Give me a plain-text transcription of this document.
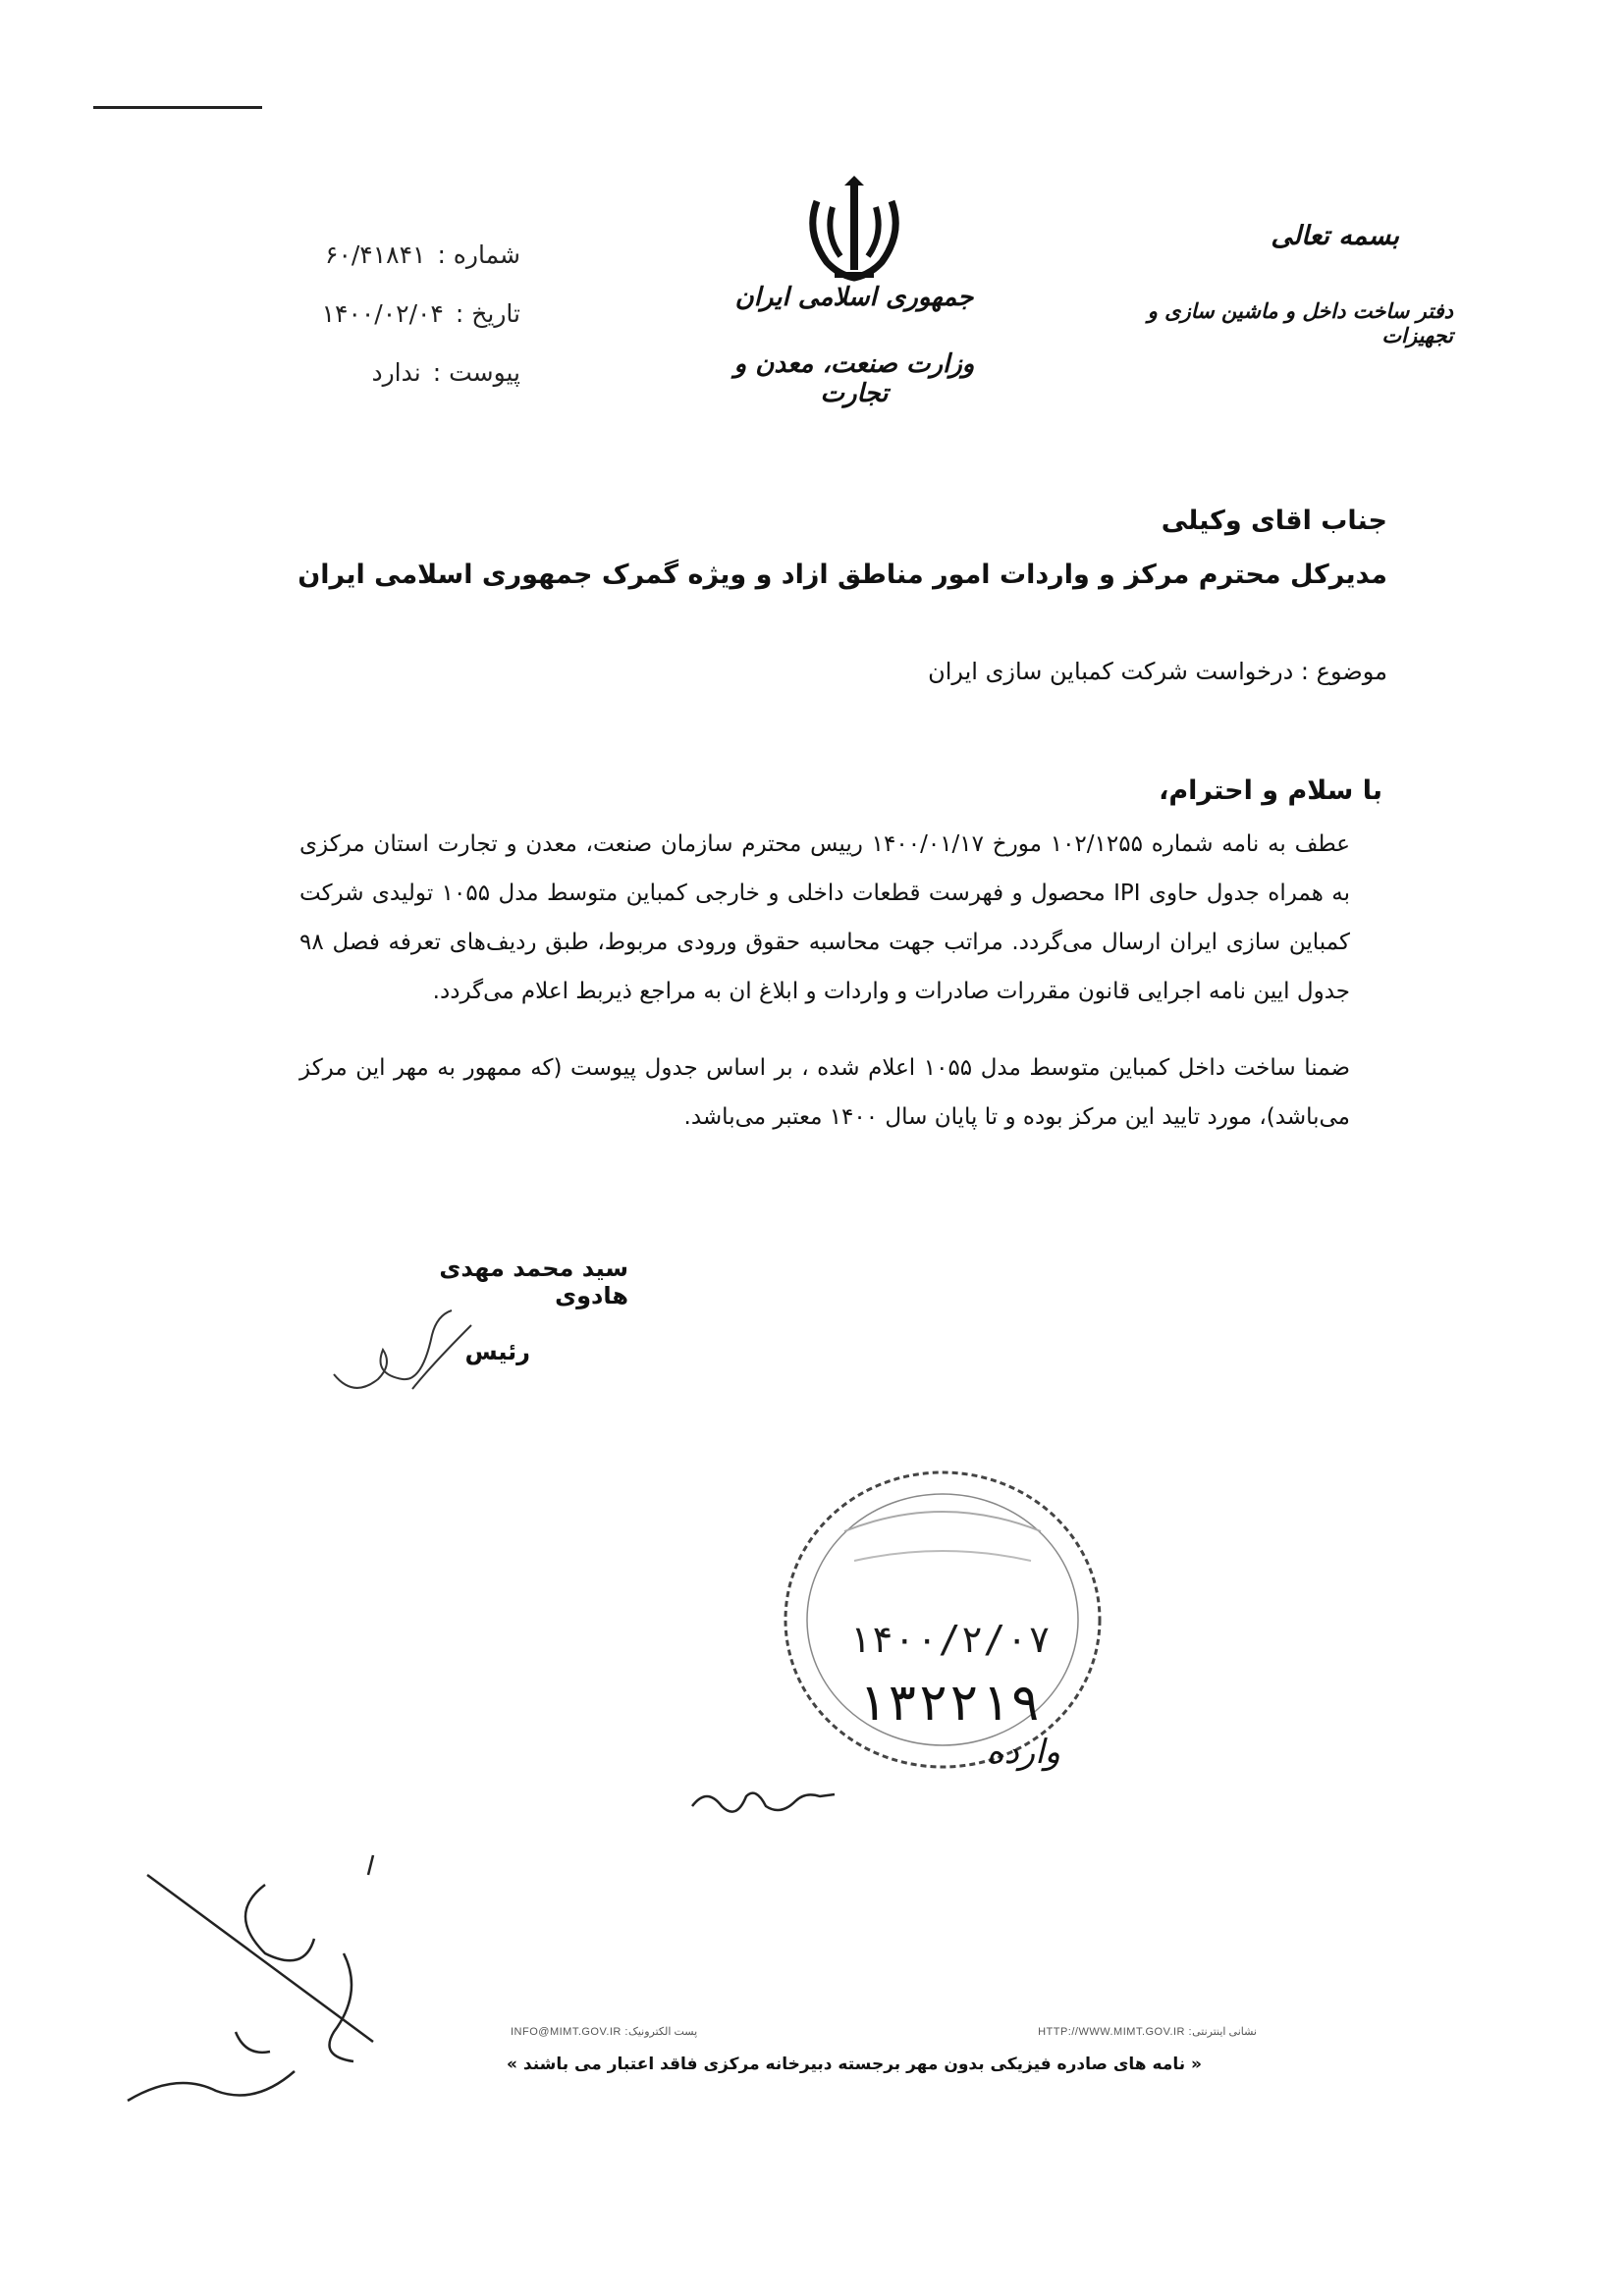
جمهوری اسلامی ایران
وزارت صنعت، معدن و تجارت
بسمه تعالی
دفتر ساخت داخل و ماشین سازی و تجهیزات
شماره :
۶۰/۴۱۸۴۱
تاریخ :
۱۴۰۰/۰۲/۰۴
پیوست :
ندارد
جناب اقای وکیلی
مدیرکل محترم مرکز و واردات امور مناطق ازاد و ویژه گمرک جمهوری اسلامی ایران
موضوع : درخواست شرکت کمباین سازی ایران
با سلام و احترام،

عطف به نامه شماره ۱۰۲/۱۲۵۵ مورخ ۱۴۰۰/۰۱/۱۷ رییس محترم سازمان صنعت، معدن و تجارت استان مرکزی به همراه جدول حاوی IPI محصول و فهرست قطعات داخلی و خارجی کمباین متوسط مدل ۱۰۵۵ تولیدی شرکت کمباین سازی ایران ارسال می‌گردد. مراتب جهت محاسبه حقوق ورودی مربوط، طبق ردیف‌های تعرفه فصل ۹۸ جدول ایین نامه اجرایی قانون مقررات صادرات و واردات و ابلاغ ان به مراجع ذیربط اعلام می‌گردد.

ضمنا ساخت داخل کمباین متوسط مدل ۱۰۵۵ اعلام شده ، بر اساس جدول پیوست (که ممهور به مهر این مرکز می‌باشد)، مورد تایید این مرکز بوده و تا پایان سال ۱۴۰۰ معتبر می‌باشد.

سید محمد مهدی هادوی
رئیس
۱۴۰۰/۲/۰۷
۱۳۲۲۱۹
وارده
INFO@MIMT.GOV.IR :پست الکترونیک	HTTP://WWW.MIMT.GOV.IR :نشانی اینترنتی
« نامه های صادره فیزیکی بدون مهر برجسته دبیرخانه مرکزی فاقد اعتبار می باشند »
